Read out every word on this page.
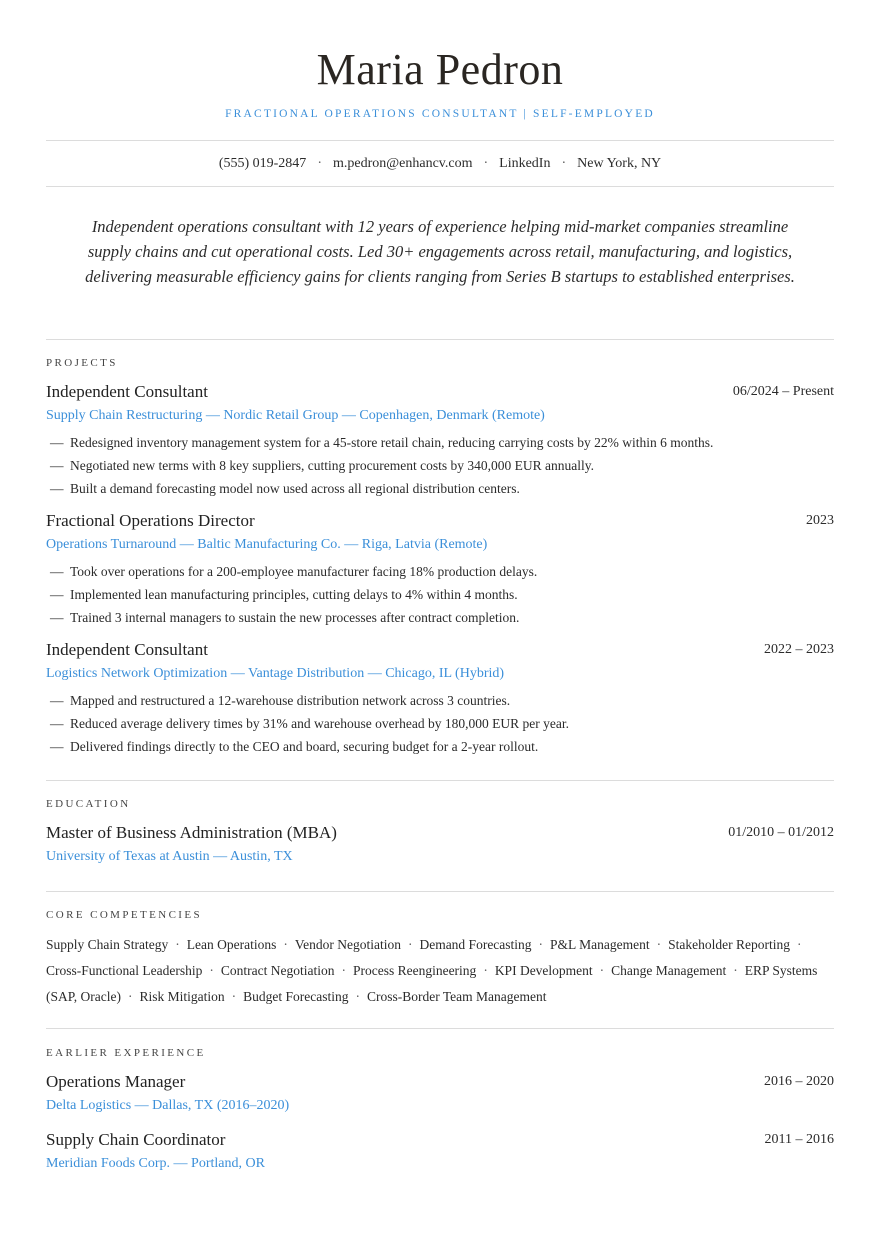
Maria Pedron
FRACTIONAL OPERATIONS CONSULTANT | SELF-EMPLOYED
(555) 019-2847 · m.pedron@enhancv.com · LinkedIn · New York, NY
Independent operations consultant with 12 years of experience helping mid-market companies streamline supply chains and cut operational costs. Led 30+ engagements across retail, manufacturing, and logistics, delivering measurable efficiency gains for clients ranging from Series B startups to established enterprises.
PROJECTS
Independent Consultant	06/2024 – Present
Supply Chain Restructuring — Nordic Retail Group — Copenhagen, Denmark (Remote)
— Redesigned inventory management system for a 45-store retail chain, reducing carrying costs by 22% within 6 months.
— Negotiated new terms with 8 key suppliers, cutting procurement costs by 340,000 EUR annually.
— Built a demand forecasting model now used across all regional distribution centers.
Fractional Operations Director	2023
Operations Turnaround — Baltic Manufacturing Co. — Riga, Latvia (Remote)
— Took over operations for a 200-employee manufacturer facing 18% production delays.
— Implemented lean manufacturing principles, cutting delays to 4% within 4 months.
— Trained 3 internal managers to sustain the new processes after contract completion.
Independent Consultant	2022 – 2023
Logistics Network Optimization — Vantage Distribution — Chicago, IL (Hybrid)
— Mapped and restructured a 12-warehouse distribution network across 3 countries.
— Reduced average delivery times by 31% and warehouse overhead by 180,000 EUR per year.
— Delivered findings directly to the CEO and board, securing budget for a 2-year rollout.
EDUCATION
Master of Business Administration (MBA)	01/2010 – 01/2012
University of Texas at Austin — Austin, TX
CORE COMPETENCIES
Supply Chain Strategy · Lean Operations · Vendor Negotiation · Demand Forecasting · P&L Management · Stakeholder Reporting ·
Cross-Functional Leadership · Contract Negotiation · Process Reengineering · KPI Development · Change Management · ERP Systems (SAP, Oracle) · Risk Mitigation · Budget Forecasting · Cross-Border Team Management
EARLIER EXPERIENCE
Operations Manager	2016 – 2020
Delta Logistics — Dallas, TX (2016–2020)
Supply Chain Coordinator	2011 – 2016
Meridian Foods Corp. — Portland, OR
